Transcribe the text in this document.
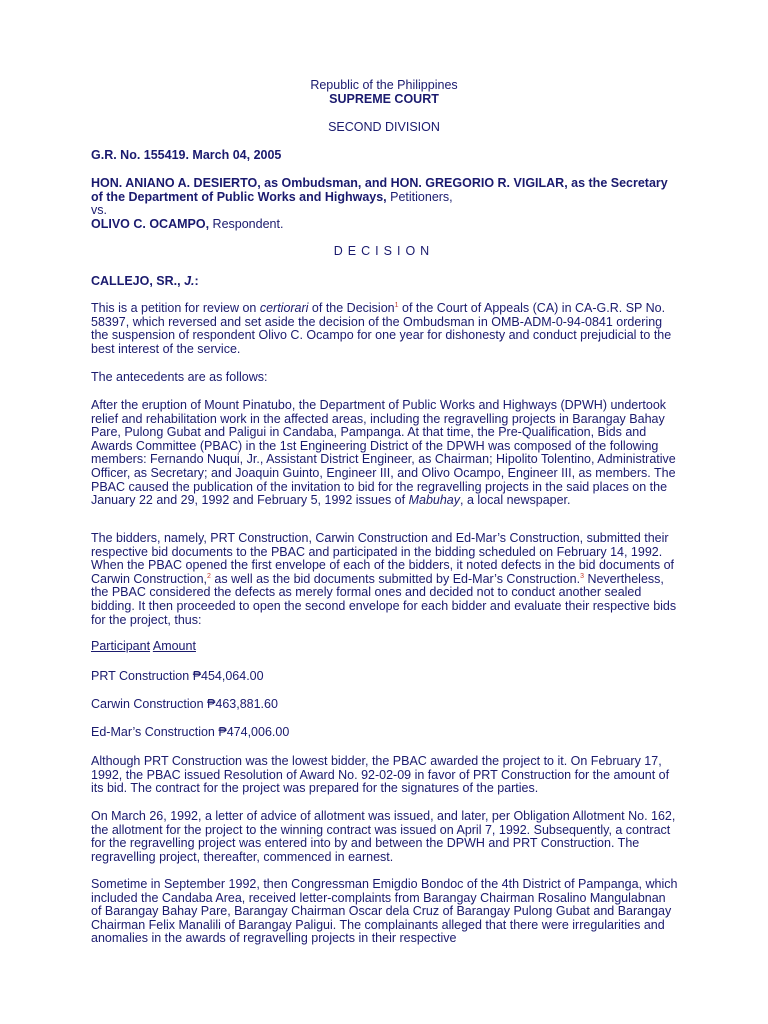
Republic of the Philippines

SUPREME COURT

SECOND DIVISION

G.R. No. 155419. March 04, 2005

HON. ANIANO A. DESIERTO, as Ombudsman, and HON. GREGORIO R. VIGILAR, as the Secretary of the Department of Public Works and Highways, Petitioners,

vs.

OLIVO C. OCAMPO, Respondent.

DECISION

CALLEJO, SR., J.:

This is a petition for review on certiorari of the Decision$^1$ of the Court of Appeals (CA) in CA-G.R. SP No. 58397, which reversed and set aside the decision of the Ombudsman in OMB-ADM-0-94-0841 ordering the suspension of respondent Olivo C. Ocampo for one year for dishonesty and conduct prejudicial to the best interest of the service.

The antecedents are as follows:

After the eruption of Mount Pinatubo, the Department of Public Works and Highways (DPWH) undertook relief and rehabilitation work in the affected areas, including the regravelling projects in Barangay Bahay Pare, Pulong Gubat and Paligui in Candaba, Pampanga. At that time, the Pre-Qualification, Bids and Awards Committee (PBAC) in the 1st Engineering District of the DPWH was composed of the following members: Fernando Nuqui, Jr., Assistant District Engineer, as Chairman; Hipolito Tolentino, Administrative Officer, as Secretary; and Joaquin Guinto, Engineer III, and Olivo Ocampo, Engineer III, as members. The PBAC caused the publication of the invitation to bid for the regravelling projects in the said places on the January 22 and 29, 1992 and February 5, 1992 issues of Mabuhay, a local newspaper.

The bidders, namely, PRT Construction, Carwin Construction and Ed-Mar’s Construction, submitted their respective bid documents to the PBAC and participated in the bidding scheduled on February 14, 1992. When the PBAC opened the first envelope of each of the bidders, it noted defects in the bid documents of Carwin Construction,$^2$ as well as the bid documents submitted by Ed-Mar’s Construction.$^3$ Nevertheless, the PBAC considered the defects as merely formal ones and decided not to conduct another sealed bidding. It then proceeded to open the second envelope for each bidder and evaluate their respective bids for the project, thus:

Participant Amount

PRT Construction ₱454,064.00

Carwin Construction ₱463,881.60

Ed-Mar’s Construction ₱474,006.00

Although PRT Construction was the lowest bidder, the PBAC awarded the project to it. On February 17, 1992, the PBAC issued Resolution of Award No. 92-02-09 in favor of PRT Construction for the amount of its bid. The contract for the project was prepared for the signatures of the parties.

On March 26, 1992, a letter of advice of allotment was issued, and later, per Obligation Allotment No. 162, the allotment for the project to the winning contract was issued on April 7, 1992. Subsequently, a contract for the regravelling project was entered into by and between the DPWH and PRT Construction. The regravelling project, thereafter, commenced in earnest.

Sometime in September 1992, then Congressman Emigdio Bondoc of the 4th District of Pampanga, which included the Candaba Area, received letter-complaints from Barangay Chairman Rosalino Mangulabnan of Barangay Bahay Pare, Barangay Chairman Oscar dela Cruz of Barangay Pulong Gubat and Barangay Chairman Felix Manalili of Barangay Paligui. The complainants alleged that there were irregularities and anomalies in the awards of regravelling projects in their respective
